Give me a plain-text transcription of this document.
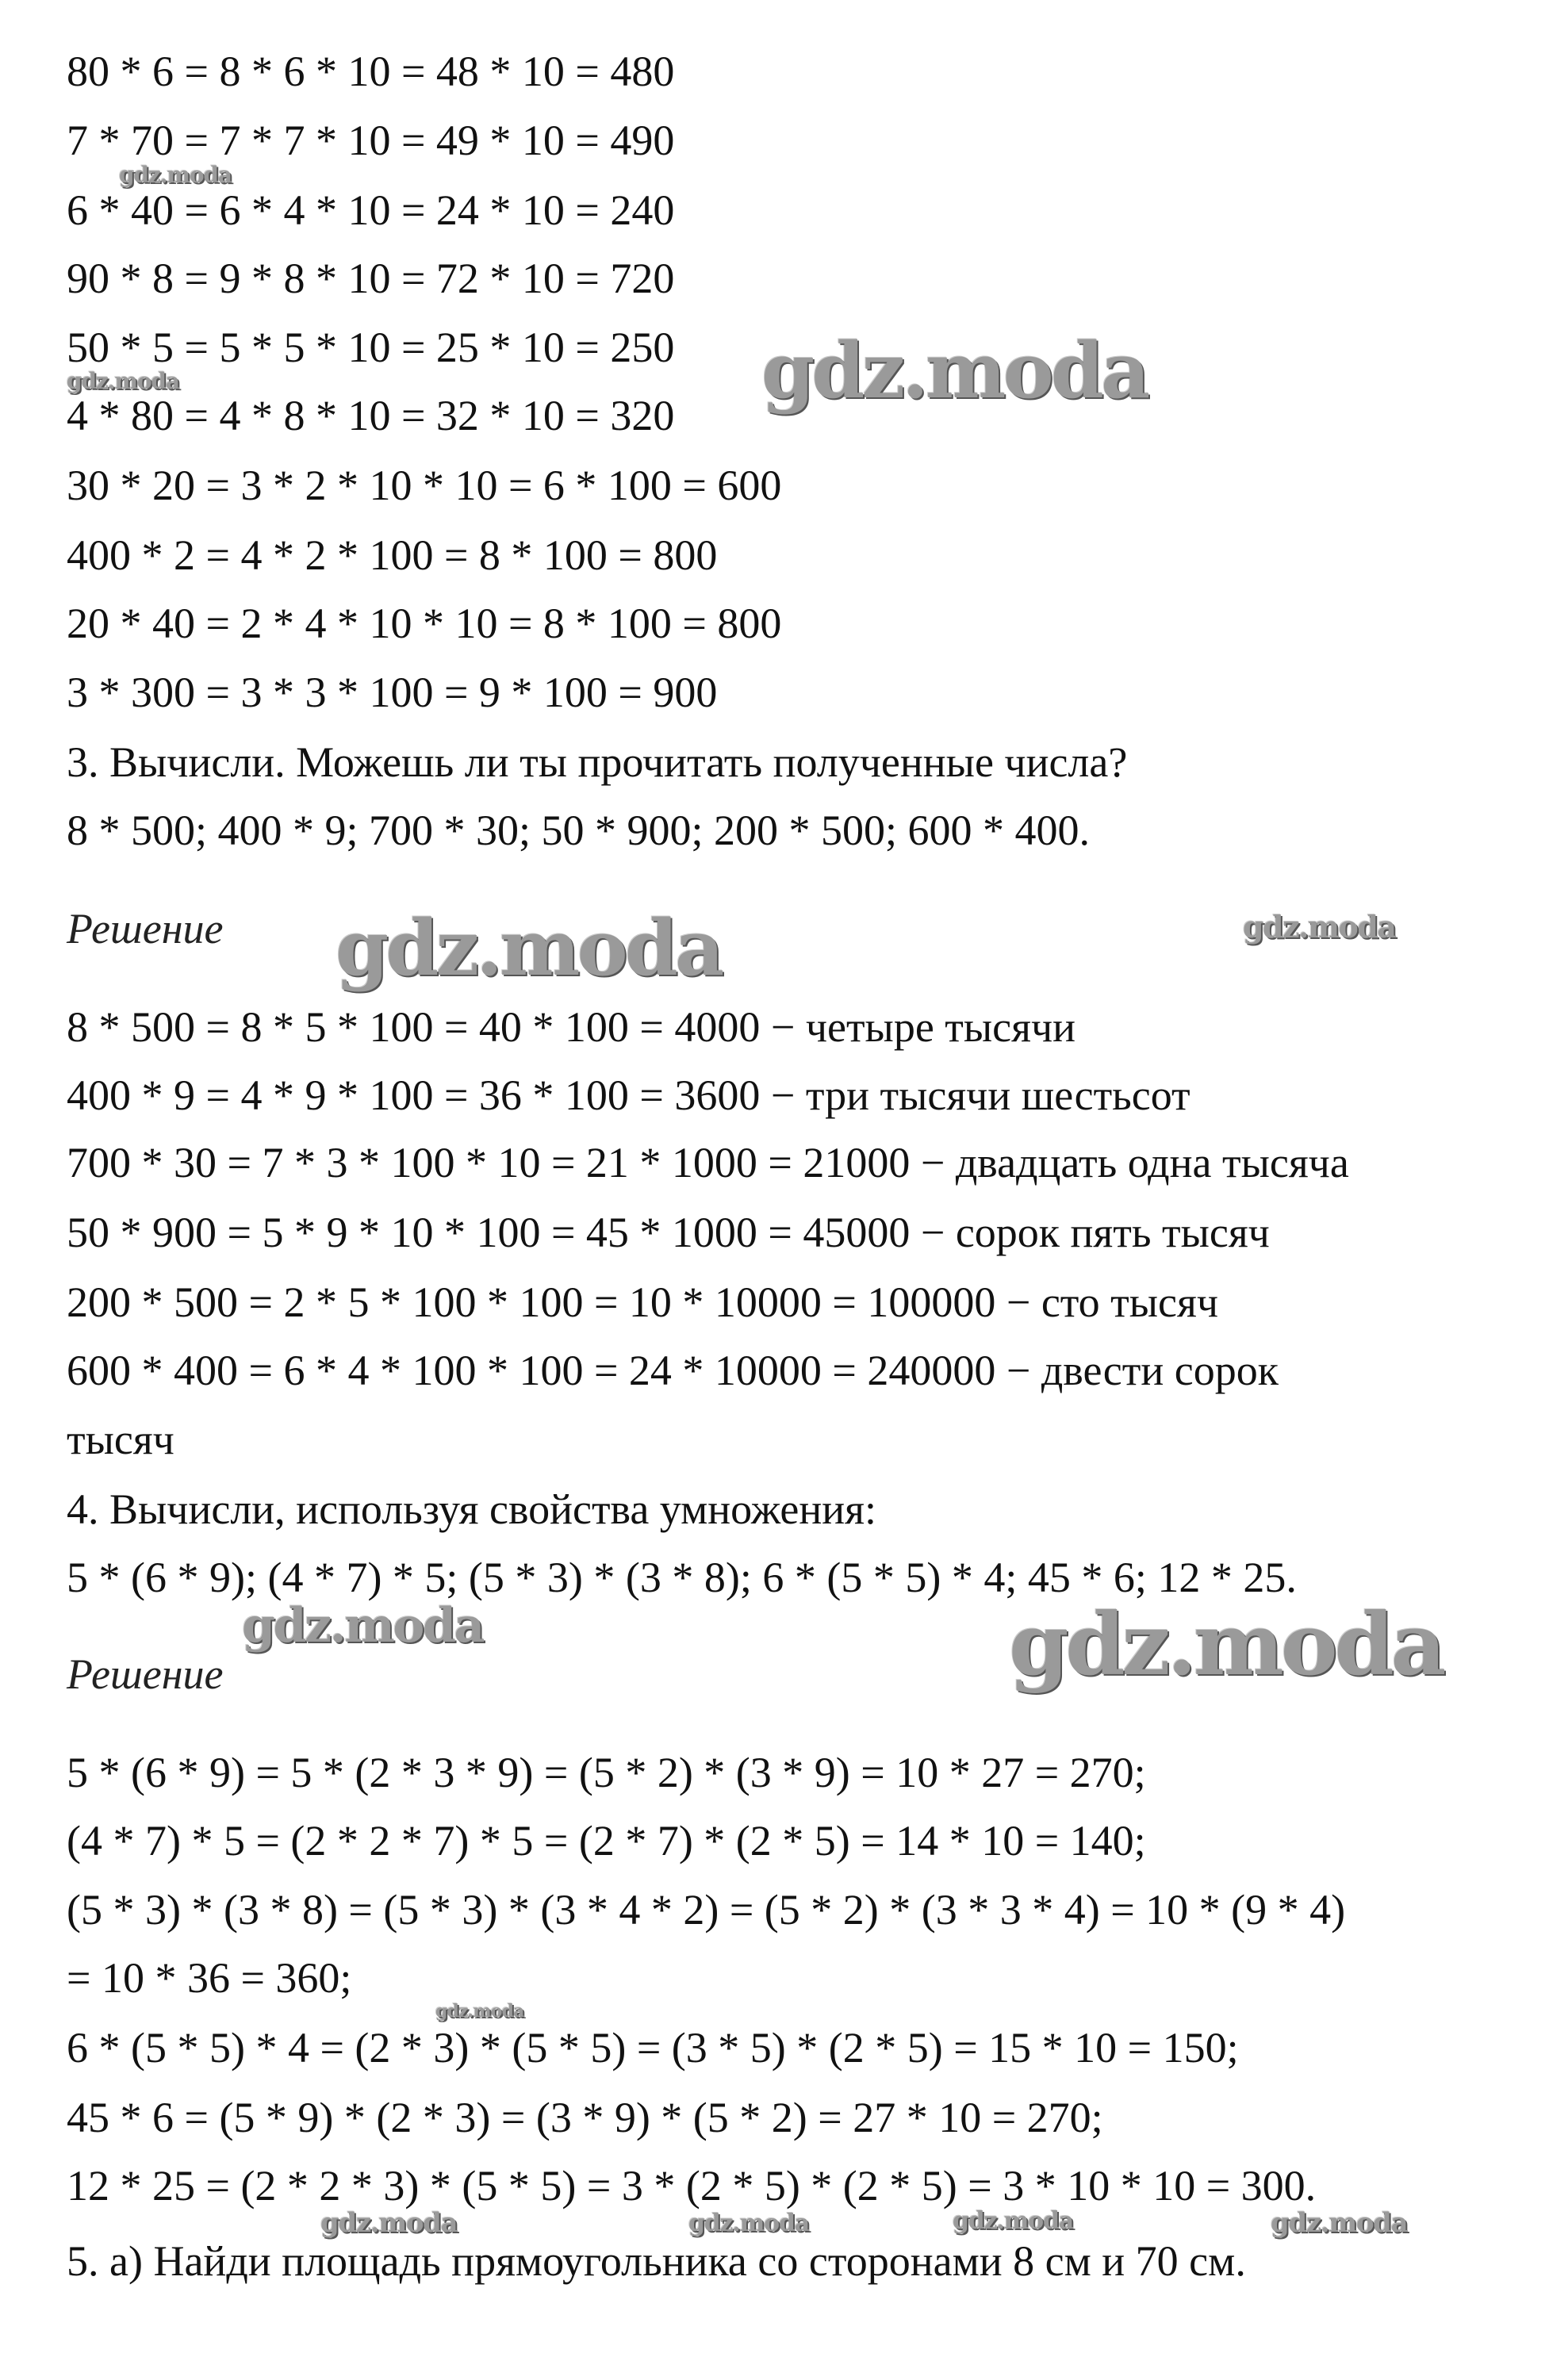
80 * 6 = 8 * 6 * 10 = 48 * 10 = 480
7 * 70 = 7 * 7 * 10 = 49 * 10 = 490
6 * 40 = 6 * 4 * 10 = 24 * 10 = 240
90 * 8 = 9 * 8 * 10 = 72 * 10 = 720
50 * 5 = 5 * 5 * 10 = 25 * 10 = 250
4 * 80 = 4 * 8 * 10 = 32 * 10 = 320
30 * 20 = 3 * 2 * 10 * 10 = 6 * 100 = 600
400 * 2 = 4 * 2 * 100 = 8 * 100 = 800
20 * 40 = 2 * 4 * 10 * 10 = 8 * 100 = 800
3 * 300 = 3 * 3 * 100 = 9 * 100 = 900
3. Вычисли. Можешь ли ты прочитать полученные числа?
8 * 500; 400 * 9; 700 * 30; 50 * 900; 200 * 500; 600 * 400.
Решение
8 * 500 = 8 * 5 * 100 = 40 * 100 = 4000 − четыре тысячи
400 * 9 = 4 * 9 * 100 = 36 * 100 = 3600 − три тысячи шестьсот
700 * 30 = 7 * 3 * 100 * 10 = 21 * 1000 = 21000 − двадцать одна тысяча
50 * 900 = 5 * 9 * 10 * 100 = 45 * 1000 = 45000 − сорок пять тысяч
200 * 500 = 2 * 5 * 100 * 100 = 10 * 10000 = 100000 − сто тысяч
600 * 400 = 6 * 4 * 100 * 100 = 24 * 10000 = 240000 − двести сорок
тысяч
4. Вычисли, используя свойства умножения:
5 * (6 * 9); (4 * 7) * 5; (5 * 3) * (3 * 8); 6 * (5 * 5) * 4; 45 * 6; 12 * 25.
Решение
5 * (6 * 9) = 5 * (2 * 3 * 9) = (5 * 2) * (3 * 9) = 10 * 27 = 270;
(4 * 7) * 5 = (2 * 2 * 7) * 5 = (2 * 7) * (2 * 5) = 14 * 10 = 140;
(5 * 3) * (3 * 8) = (5 * 3) * (3 * 4 * 2) = (5 * 2) * (3 * 3 * 4) = 10 * (9 * 4)
= 10 * 36 = 360;
6 * (5 * 5) * 4 = (2 * 3) * (5 * 5) = (3 * 5) * (2 * 5) = 15 * 10 = 150;
45 * 6 = (5 * 9) * (2 * 3) = (3 * 9) * (5 * 2) = 27 * 10 = 270;
12 * 25 = (2 * 2 * 3) * (5 * 5) = 3 * (2 * 5) * (2 * 5) = 3 * 10 * 10 = 300.
5. а) Найди площадь прямоугольника со сторонами 8 см и 70 см.
gdz.moda
gdz.moda	gdz.moda
gdz.moda	gdz.moda
gdz.moda	gdz.moda
gdz.moda
gdz.moda	gdz.moda	gdz.moda	gdz.moda
